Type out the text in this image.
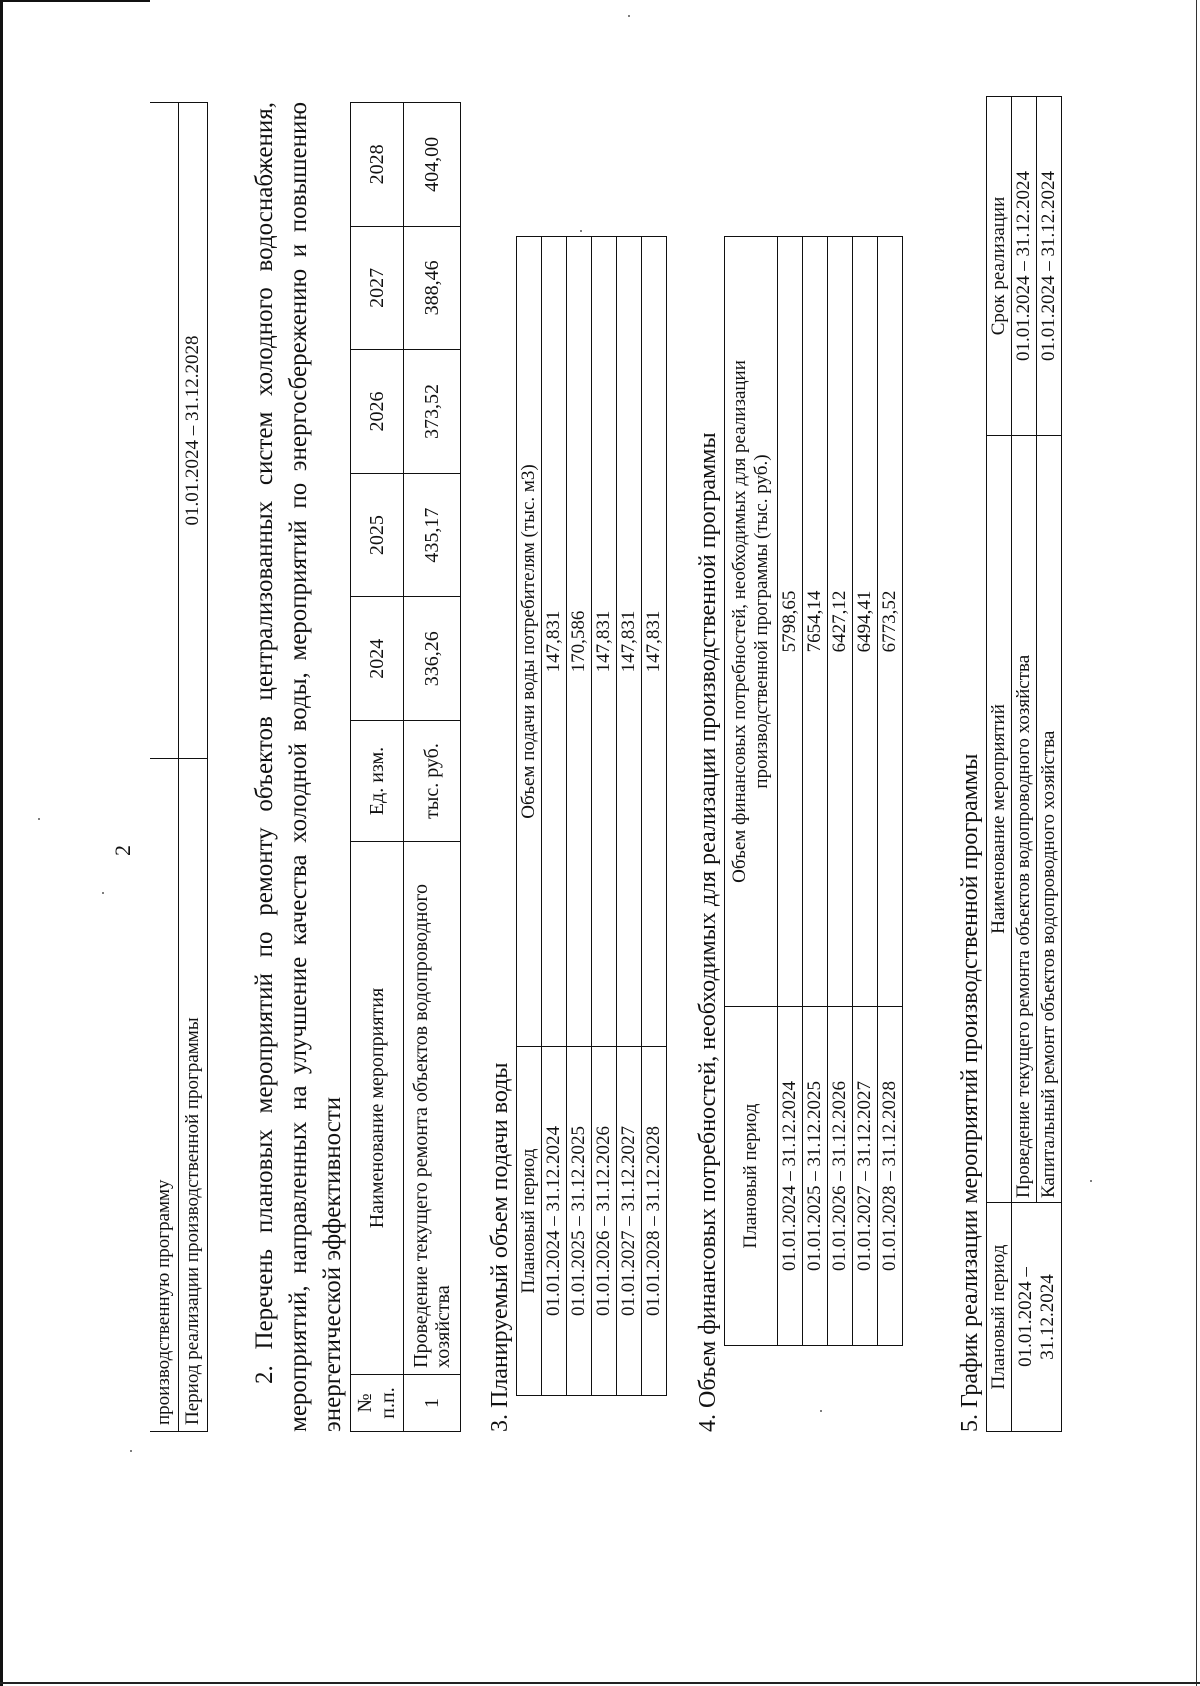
2
производственную программу	
Период реализации производственной программы	01.01.2024 – 31.12.2028 2. Перечень плановых мероприятий по ремонту объектов централизованных систем холодного водоснабжения, мероприятий, направленных на улучшение качества холодной воды, мероприятий по энергосбережению и повышению энергетической эффективности № п.п.	Наименование мероприятия	Ед. изм.	2024	2025	2026	2027	2028
1	Проведение текущего ремонта объектов водопроводного хозяйства	тыс. руб.	336,26	435,17	373,52	388,46	404,00
3. Планируемый объем подачи воды Плановый период	Объем подачи воды потребителям (тыс. м3)
01.01.2024 – 31.12.2024	147,831
01.01.2025 – 31.12.2025	170,586
01.01.2026 – 31.12.2026	147,831
01.01.2027 – 31.12.2027	147,831
01.01.2028 – 31.12.2028	147,831 4. Объем финансовых потребностей, необходимых для реализации производственной программы Плановый период	Объем финансовых потребностей, необходимых для реализации производственной программы (тыс. руб.)

01.01.2024 – 31.12.2024	5798,65
01.01.2025 – 31.12.2025	7654,14
01.01.2026 – 31.12.2026	6427,12
01.01.2027 – 31.12.2027	6494,41
01.01.2028 – 31.12.2028	6773,52
5. График реализации мероприятий производственной программы Плановый период	Наименование мероприятий	Срок реализации

01.01.2024 – 31.12.2024	Проведение текущего ремонта объектов водопроводного хозяйства	01.01.2024 – 31.12.2024
	Капитальный ремонт объектов водопроводного хозяйства	01.01.2024 – 31.12.2024
